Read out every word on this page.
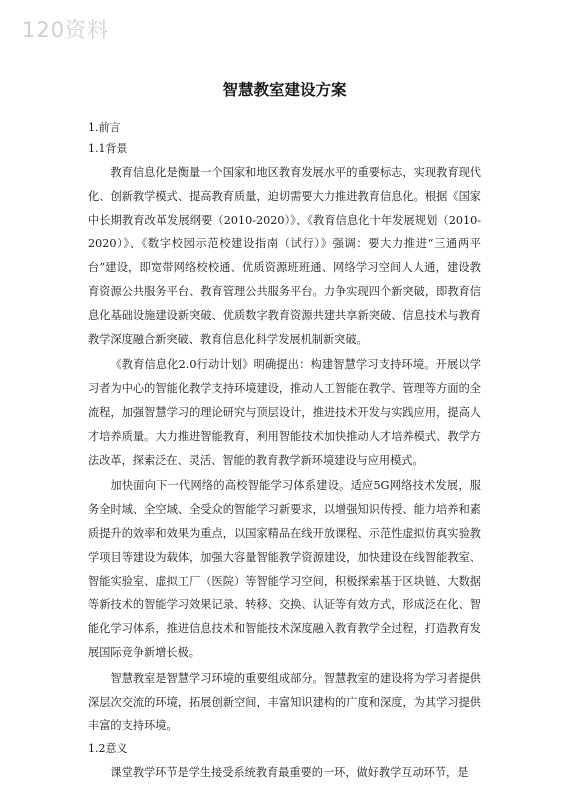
120资料
智慧教室建设方案
1.前言
1.1背景

教育信息化是衡量一个国家和地区教育发展水平的重要标志，实现教育现代化、创新教学模式、提高教育质量，迫切需要大力推进教育信息化。根据《国家中长期教育改革发展纲要（2010-2020）》、《教育信息化十年发展规划（2010-2020）》、《数字校园示范校建设指南（试行）》强调：要大力推进“三通两平台”建设，即宽带网络校校通、优质资源班班通、网络学习空间人人通，建设教育资源公共服务平台、教育管理公共服务平台。力争实现四个新突破，即教育信息化基础设施建设新突破、优质数字教育资源共建共享新突破、信息技术与教育教学深度融合新突破、教育信息化科学发展机制新突破。

《教育信息化2.0行动计划》明确提出：构建智慧学习支持环境。开展以学习者为中心的智能化教学支持环境建设，推动人工智能在教学、管理等方面的全流程，加强智慧学习的理论研究与顶层设计，推进技术开发与实践应用，提高人才培养质量。大力推进智能教育，利用智能技术加快推动人才培养模式、教学方法改革，探索泛在、灵活、智能的教育教学新环境建设与应用模式。

加快面向下一代网络的高校智能学习体系建设。适应5G网络技术发展，服务全时域、全空域、全受众的智能学习新要求，以增强知识传授、能力培养和素质提升的效率和效果为重点，以国家精品在线开放课程、示范性虚拟仿真实验教学项目等建设为载体，加强大容量智能教学资源建设，加快建设在线智能教室、智能实验室、虚拟工厂（医院）等智能学习空间，积极探索基于区块链、大数据等新技术的智能学习效果记录、转移、交换、认证等有效方式，形成泛在化、智能化学习体系，推进信息技术和智能技术深度融入教育教学全过程，打造教育发展国际竞争新增长极。

智慧教室是智慧学习环境的重要组成部分。智慧教室的建设将为学习者提供深层次交流的环境，拓展创新空间，丰富知识建构的广度和深度，为其学习提供丰富的支持环境。

1.2意义

课堂教学环节是学生接受系统教育最重要的一环，做好教学互动环节，是
